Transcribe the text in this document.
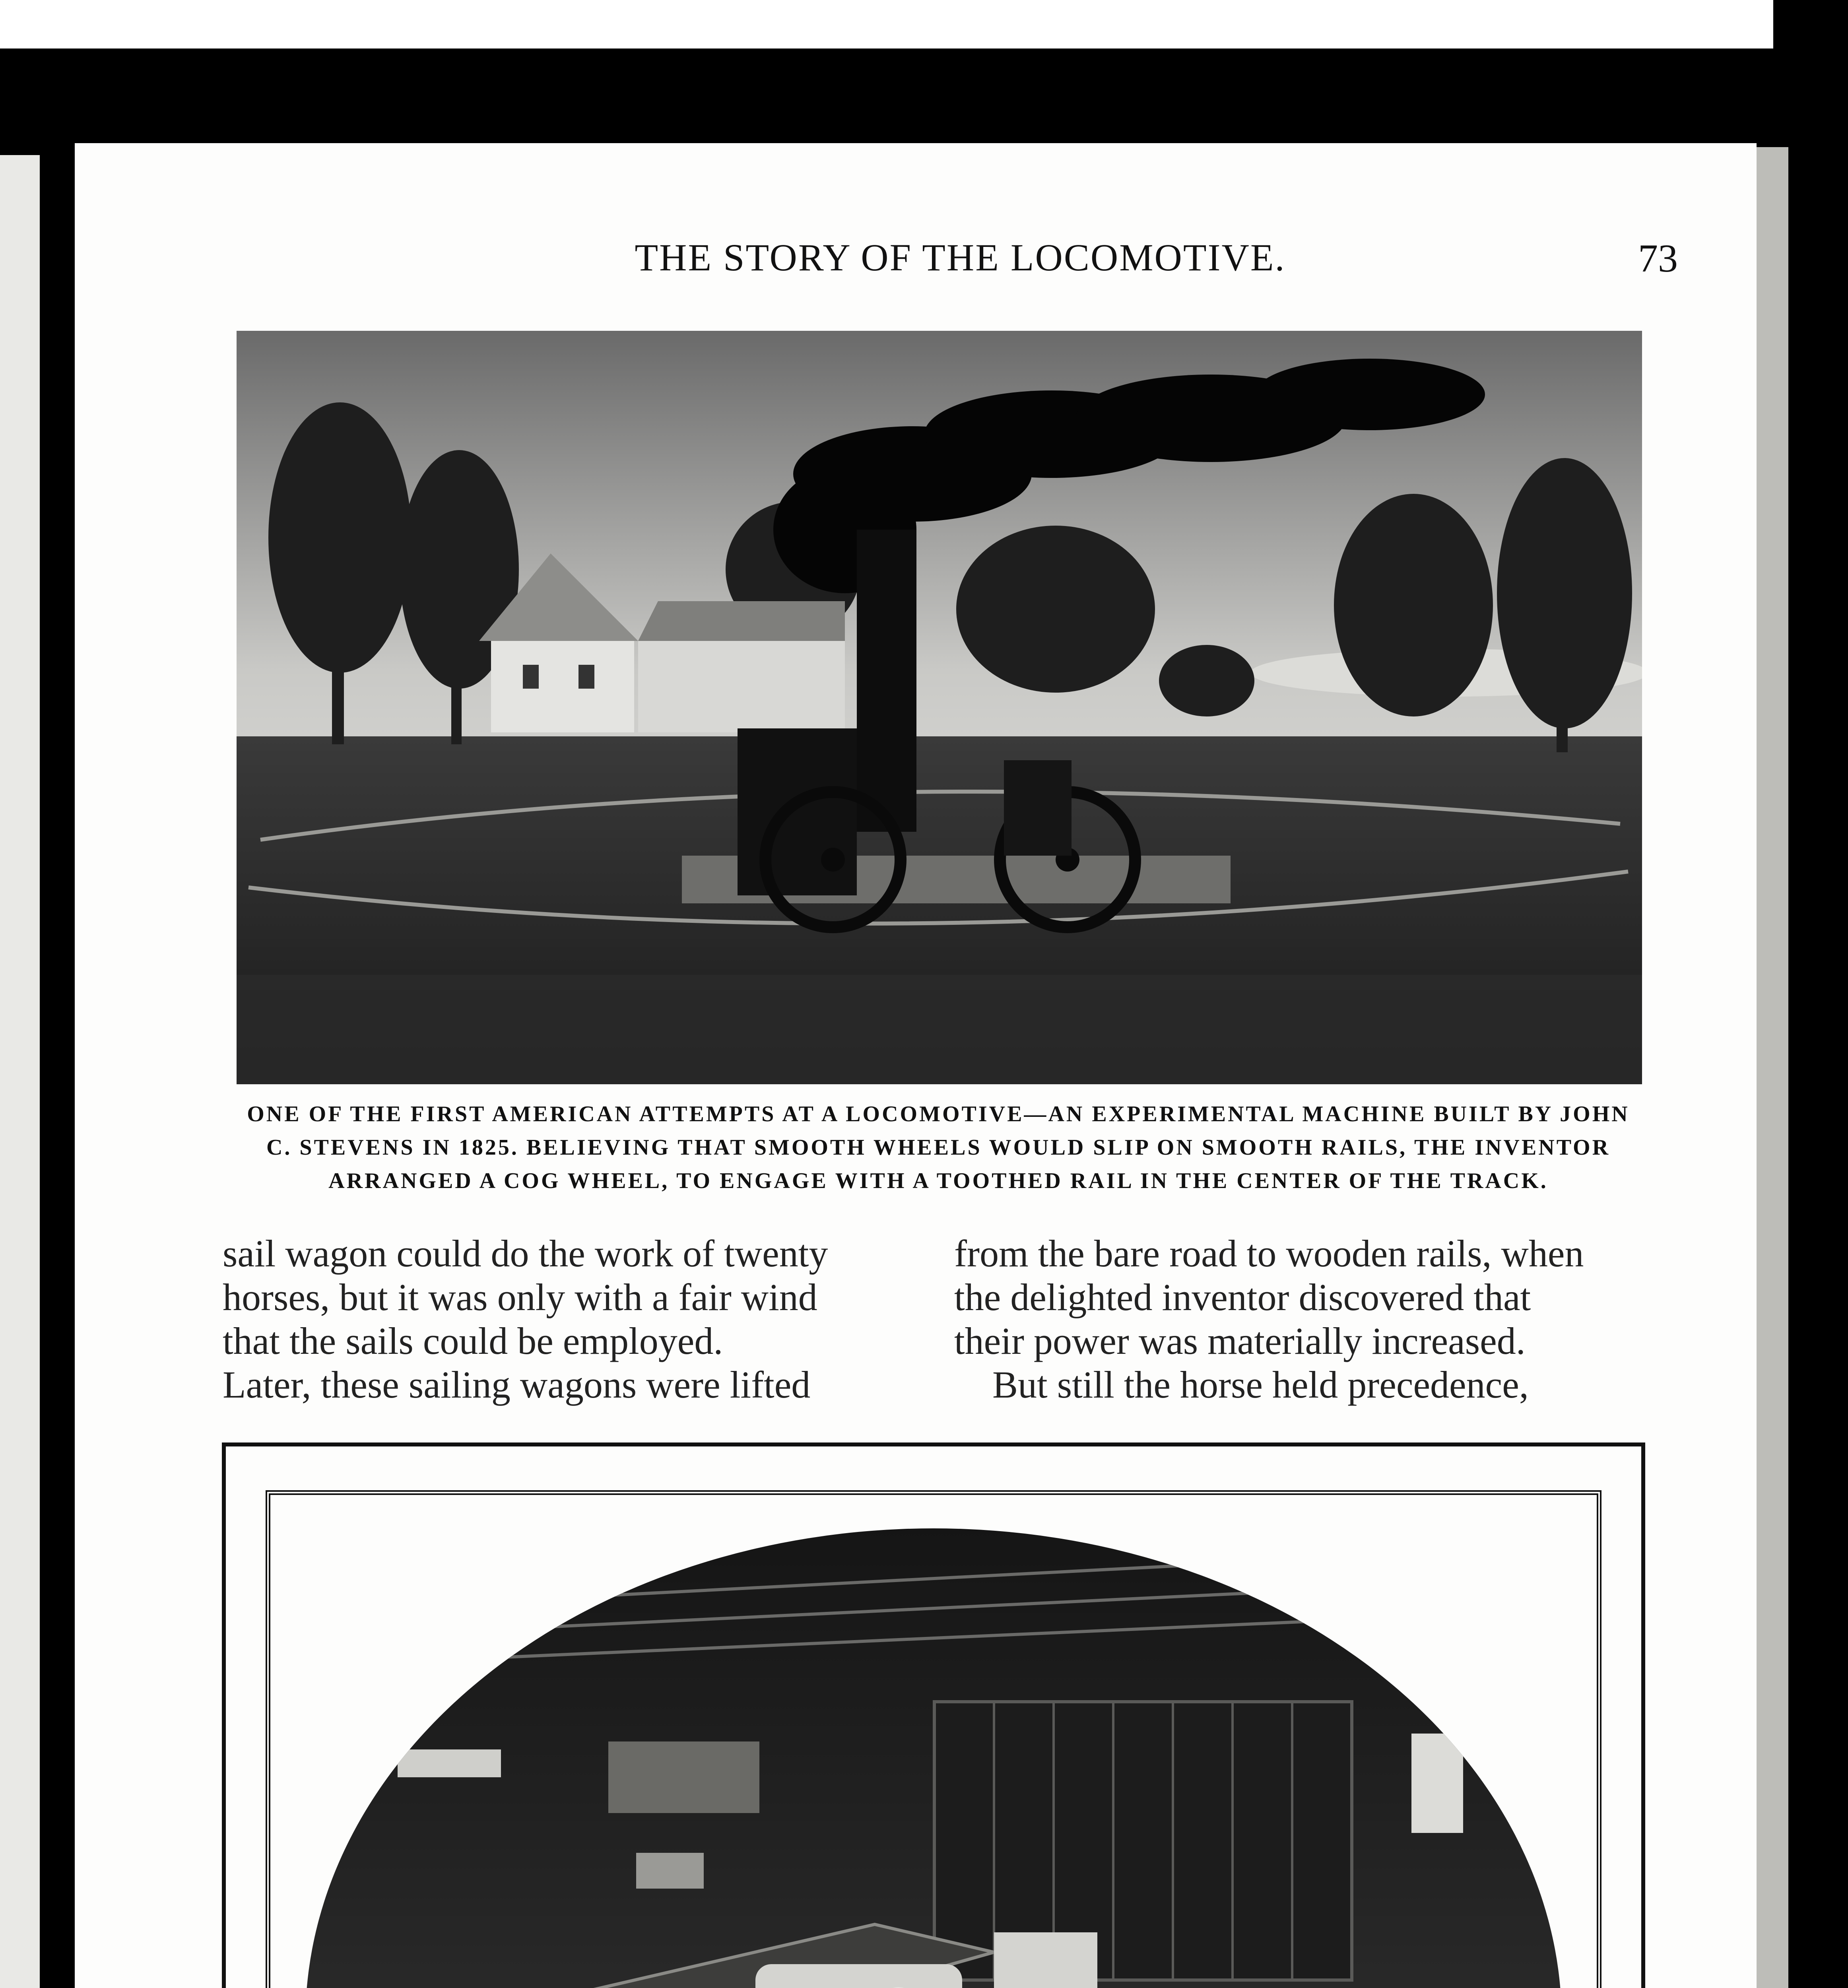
THE STORY OF THE LOCOMOTIVE.	73
ONE OF THE FIRST AMERICAN ATTEMPTS AT A LOCOMOTIVE—AN EXPERIMENTAL MACHINE BUILT BY JOHN
C. STEVENS IN 1825. BELIEVING THAT SMOOTH WHEELS WOULD SLIP ON SMOOTH RAILS, THE INVENTOR
ARRANGED A COG WHEEL, TO ENGAGE WITH A TOOTHED RAIL IN THE CENTER OF THE TRACK.
sail wagon could do the work of twenty
horses, but it was only with a fair wind
that the sails could be employed.
Later, these sailing wagons were lifted
from the bare road to wooden rails, when
the delighted inventor discovered that
their power was materially increased.
But still the horse held precedence,
